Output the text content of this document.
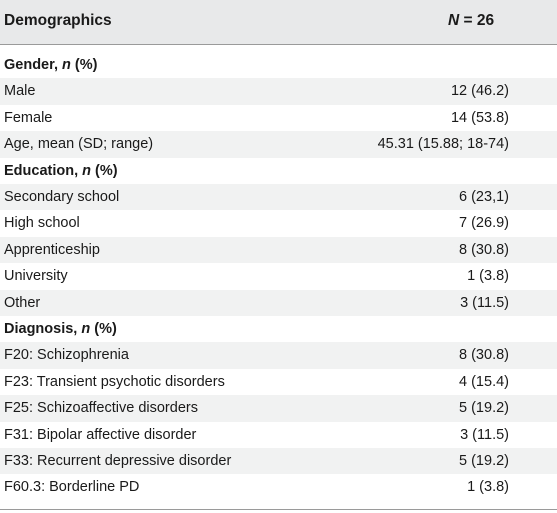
Demographics	N = 26
Gender, n (%)
Male	12 (46.2)
Female	14 (53.8)
Age, mean (SD; range)	45.31 (15.88; 18-74)
Education, n (%)
Secondary school	6 (23,1)
High school	7 (26.9)
Apprenticeship	8 (30.8)
University	1 (3.8)
Other	3 (11.5)
Diagnosis, n (%)
F20: Schizophrenia	8 (30.8)
F23: Transient psychotic disorders	4 (15.4)
F25: Schizoaffective disorders	5 (19.2)
F31: Bipolar affective disorder	3 (11.5)
F33: Recurrent depressive disorder	5 (19.2)
F60.3: Borderline PD	1 (3.8)
